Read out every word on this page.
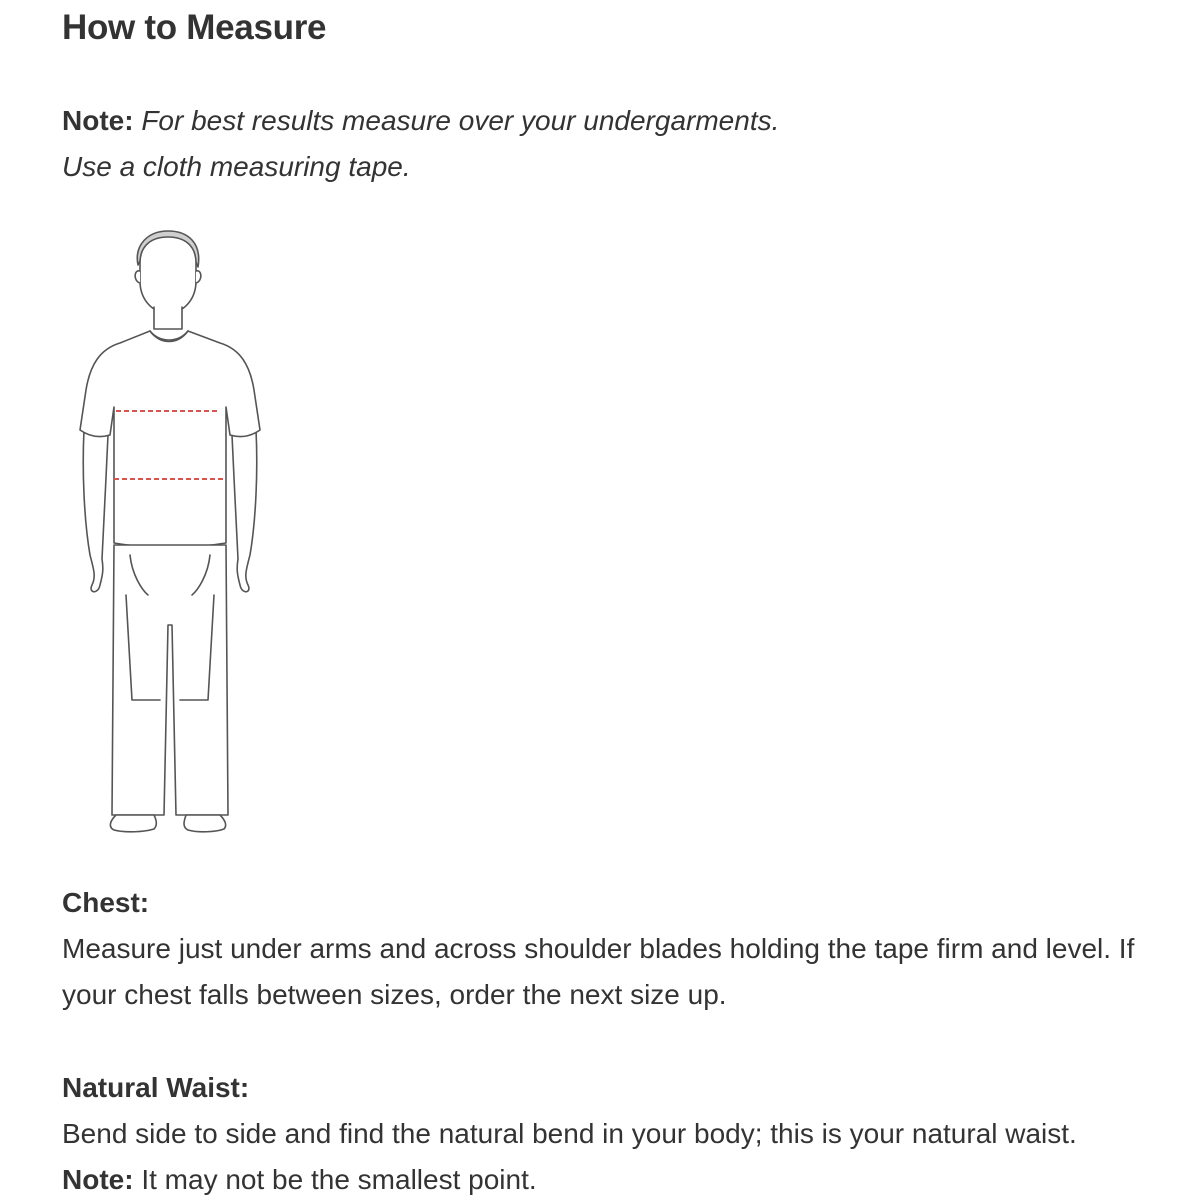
How to Measure
Note: For best results measure over your undergarments.
Use a cloth measuring tape.
Chest:
Measure just under arms and across shoulder blades holding the tape firm and level. If your chest falls between sizes, order the next size up.
Natural Waist:
Bend side to side and find the natural bend in your body; this is your natural waist. Note: It may not be the smallest point.
